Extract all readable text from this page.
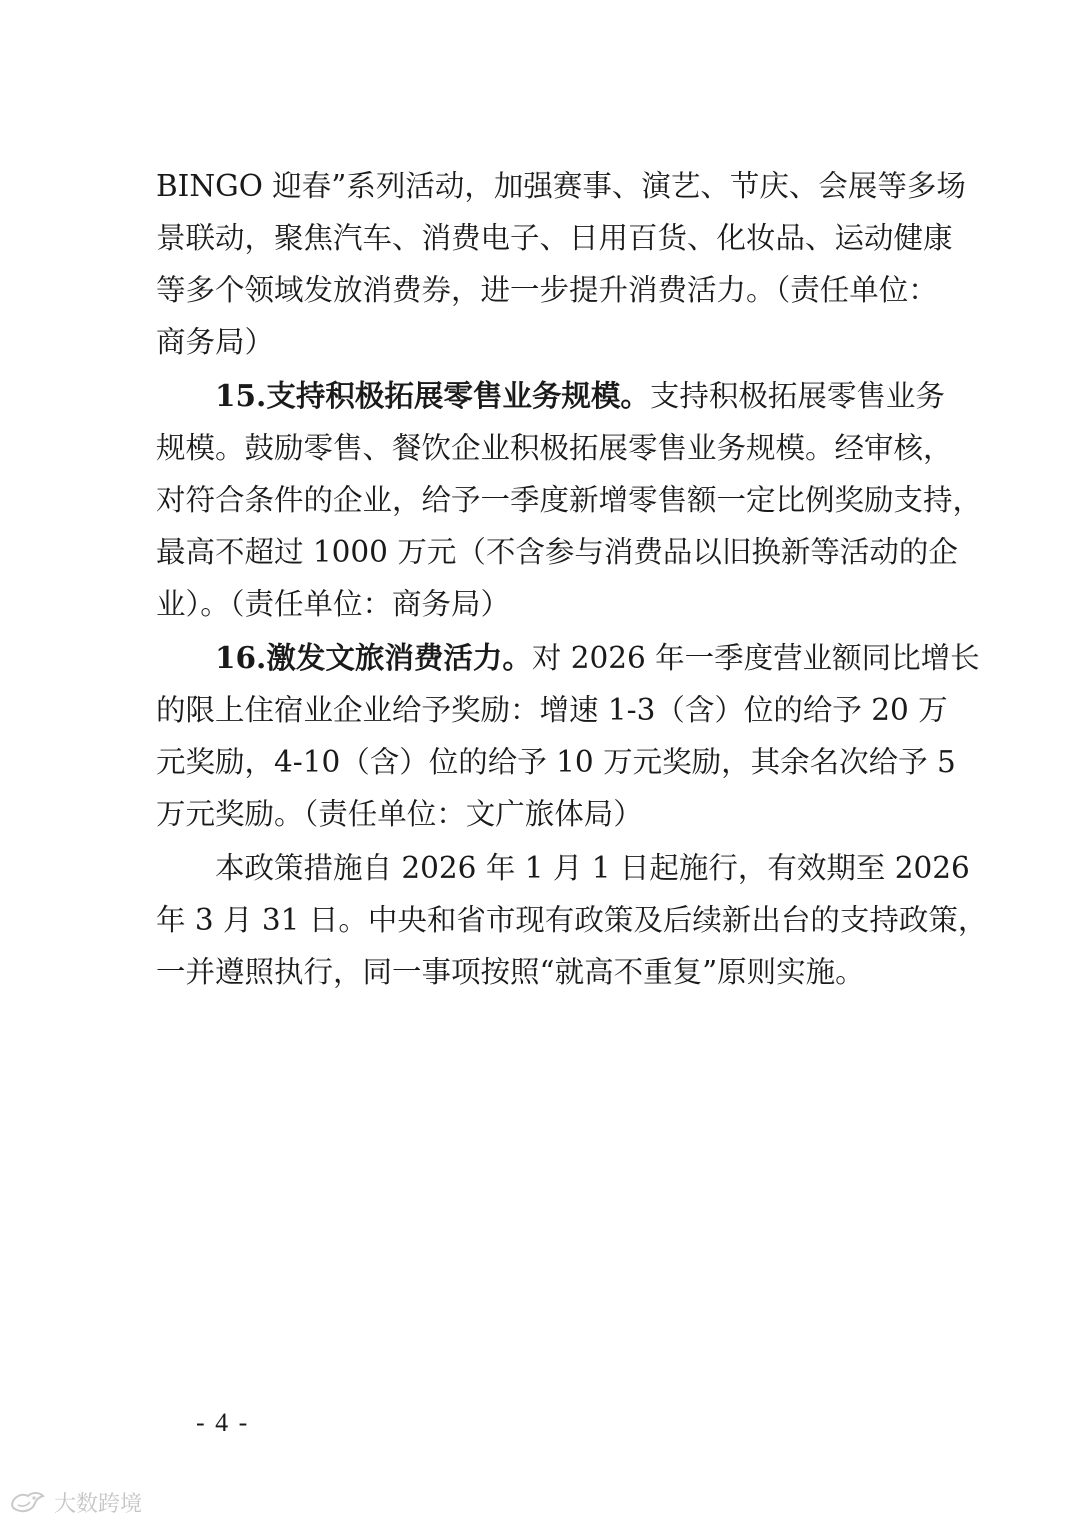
BINGO 迎春”系列活动，加强赛事、演艺、节庆、会展等多场
景联动，聚焦汽车、消费电子、日用百货、化妆品、运动健康
等多个领域发放消费券，进一步提升消费活力。（责任单位：
商务局）
15.支持积极拓展零售业务规模。支持积极拓展零售业务
规模。鼓励零售、餐饮企业积极拓展零售业务规模。经审核，
对符合条件的企业，给予一季度新增零售额一定比例奖励支持，
最高不超过 1000 万元（不含参与消费品以旧换新等活动的企
业）。（责任单位：商务局）
16.激发文旅消费活力。对 2026 年一季度营业额同比增长
的限上住宿业企业给予奖励：增速 1-3（含）位的给予 20 万
元奖励，4-10（含）位的给予 10 万元奖励，其余名次给予 5
万元奖励。（责任单位：文广旅体局）
本政策措施自 2026 年 1 月 1 日起施行，有效期至 2026
年 3 月 31 日。中央和省市现有政策及后续新出台的支持政策，
一并遵照执行，同一事项按照“就高不重复”原则实施。
- 4 -
大数跨境
